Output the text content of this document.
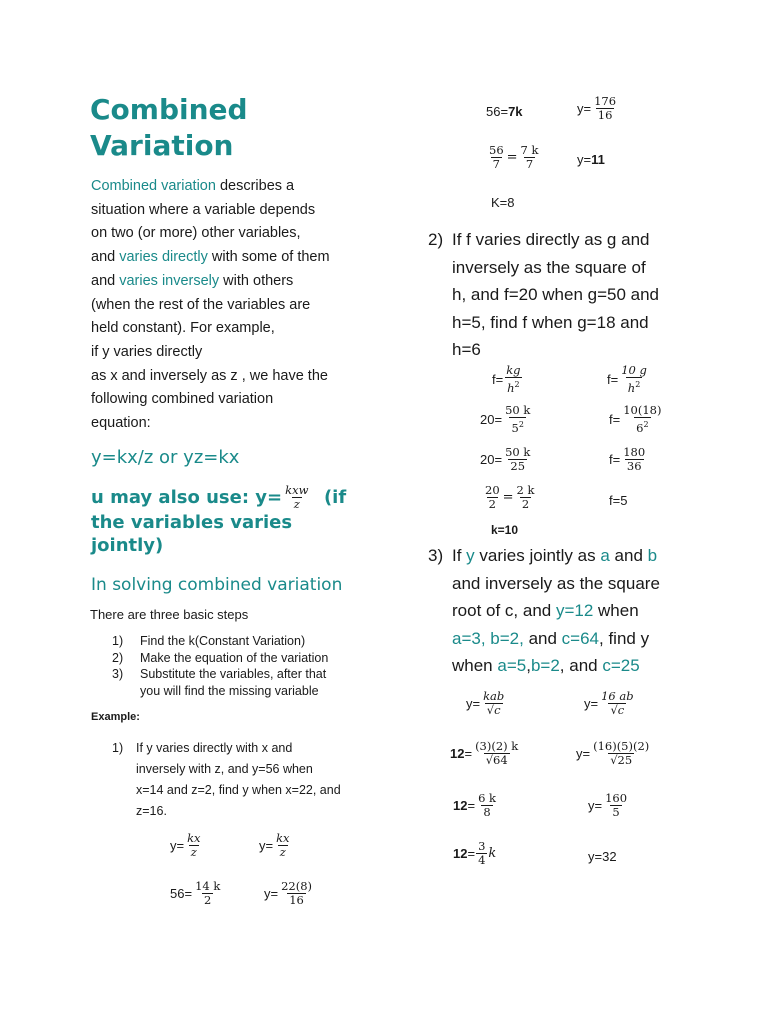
Combined
Variation
Combined variation describes a
situation where a variable depends
on two (or more) other variables,
and varies directly with some of them
and varies inversely with others
(when the rest of the variables are
held constant). For example,
if y varies directly
as x and inversely as z , we have the
following combined variation
equation:
y=kx/z or yz=kx
u may also use: $y= \frac{\text{kxw}}{z} (if$
the variables varies
jointly)
In solving combined variation
There are three basic steps
1)	Find the k(Constant Variation)
2)	Make the equation of the variation
3)	Substitute the variables, after that
you will find the missing variable
Example:
1) If y varies directly with x and
inversely with z, and y=56 when
x=14 and z=2, find y when x=22, and
z=16.
$y= \frac{kx}{z}$	$y= \frac{kx}{z}$
$56= \frac{14 k}{2}$	$y= \frac{22(8)}{16}$
56= 7k	$y= \frac{176}{16}$
$\frac{56}{7} = \frac{7 k}{7}$	y= 11
K=8
2) If f varies directly as g and
inversely as the square of
h, and f=20 when g=50 and
h=5, find f when g=18 and
h=6
$f= \frac{kg}{h^2}$	$f= \frac{10 g}{h^2}$
$20= \frac{50 k}{5^2}$	$f= \frac{10(18)}{6^2}$
$20= \frac{50 k}{25}$	$f= \frac{180}{36}$
$\frac{20}{2} = \frac{2 k}{2}$	f=5
k=10
3) If y varies jointly as a and b
and inversely as the square
root of c, and y=12 when
a=3, b=2, and c=64, find y
when a=5,b=2, and c=25
$y= \frac{\text{kab}}{√c}$	$y= \frac{16 ab}{√c}$
$12 = \frac{(3)(2) k}{√64}$	$y= \frac{(16)(5)(2)}{√25}$
$12 = \frac{6 k}{8}$	$y= \frac{160}{5}$
$12 = \frac{3}{4}$ k	y=32
